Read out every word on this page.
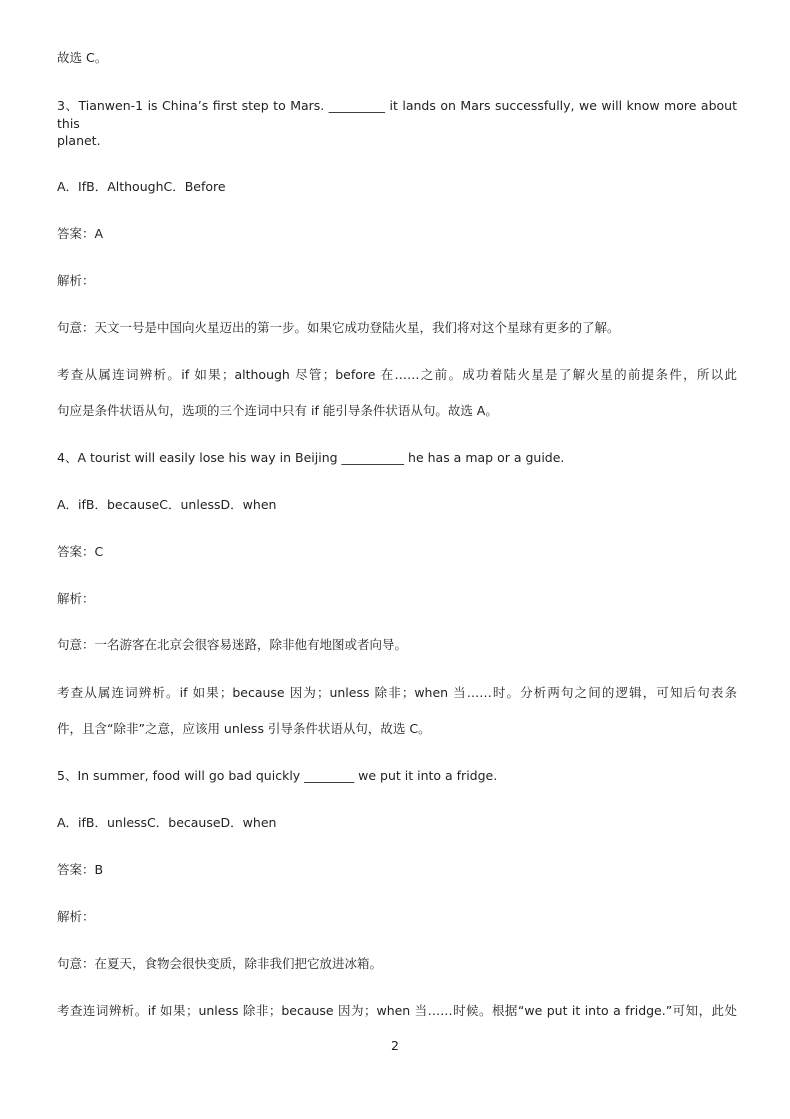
故选 C。
3、Tianwen-1 is China’s first step to Mars. _________ it lands on Mars successfully, we will know more about this
planet.
A．IfB．AlthoughC．Before
答案：A
解析：
句意：天文一号是中国向火星迈出的第一步。如果它成功登陆火星，我们将对这个星球有更多的了解。
考查从属连词辨析。if 如果；although 尽管；before 在……之前。成功着陆火星是了解火星的前提条件，所以此
句应是条件状语从句，选项的三个连词中只有 if 能引导条件状语从句。故选 A。
4、A tourist will easily lose his way in Beijing __________ he has a map or a guide.
A．ifB．becauseC．unlessD．when
答案：C
解析：
句意：一名游客在北京会很容易迷路，除非他有地图或者向导。
考查从属连词辨析。if 如果；because 因为；unless 除非；when 当……时。分析两句之间的逻辑，可知后句表条
件，且含“除非”之意，应该用 unless 引导条件状语从句，故选 C。
5、In summer, food will go bad quickly ________ we put it into a fridge.
A．ifB．unlessC．becauseD．when
答案：B
解析：
句意：在夏天，食物会很快变质，除非我们把它放进冰箱。
考查连词辨析。if 如果；unless 除非；because 因为；when 当……时候。根据“we put it into a fridge.”可知，此处
2
